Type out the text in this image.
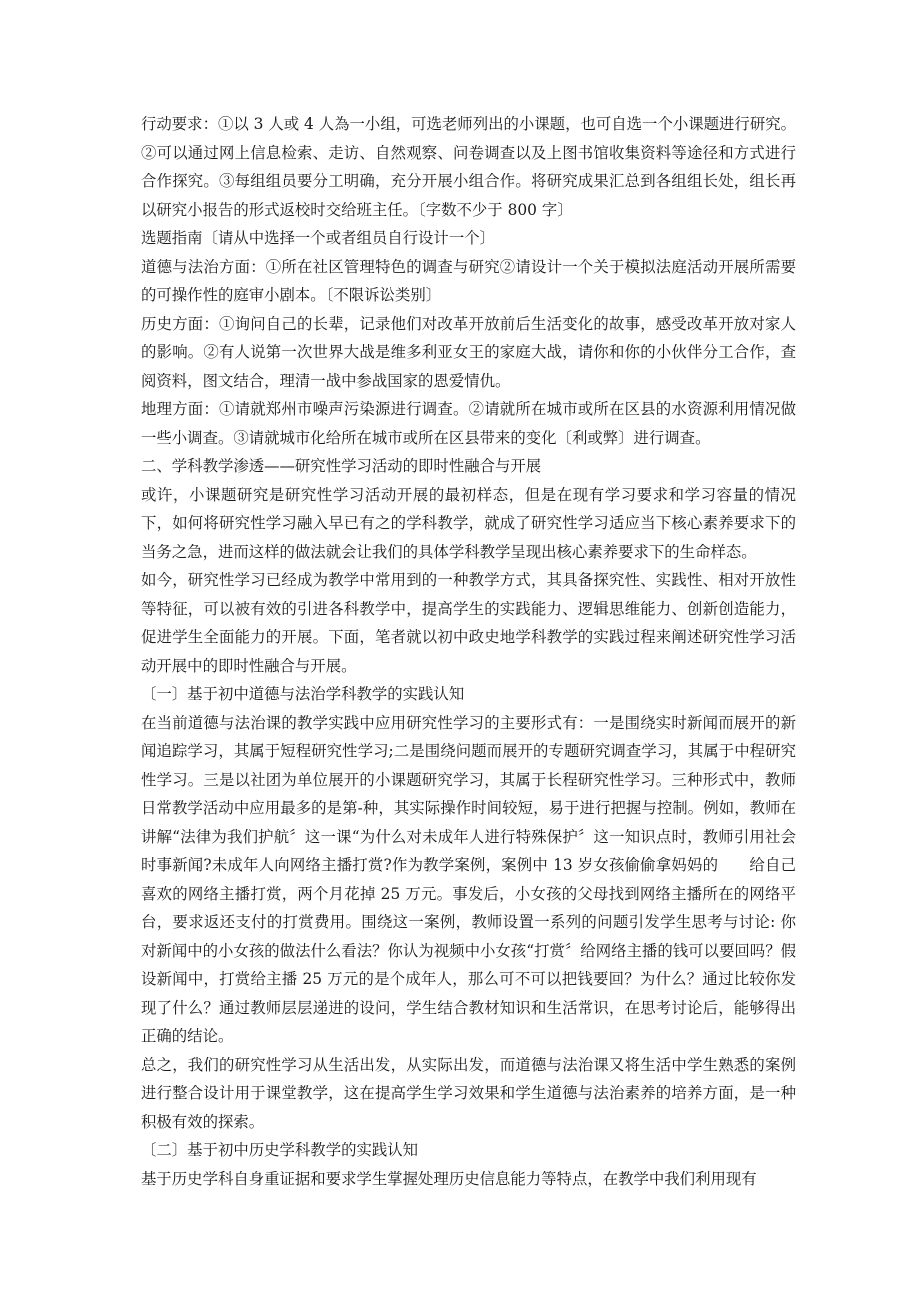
行动要求：①以 3 人或 4 人為一小组，可选老师列出的小课题，也可自选一个小课题进行研究。②可以通过网上信息检索、走访、自然观察、问卷调查以及上图书馆收集资料等途径和方式进行合作探究。③每组组员要分工明确，充分开展小组合作。将研究成果汇总到各组组长处，组长再以研究小报告的形式返校时交给班主任。〔字数不少于 800 字〕

选题指南〔请从中选择一个或者组员自行设计一个〕

道德与法治方面：①所在社区管理特色的调查与研究②请设计一个关于模拟法庭活动开展所需要的可操作性的庭审小剧本。〔不限诉讼类别〕

历史方面：①询问自己的长辈，记录他们对改革开放前后生活变化的故事，感受改革开放对家人的影响。②有人说第一次世界大战是维多利亚女王的家庭大战，请你和你的小伙伴分工合作，查阅资料，图文结合，理清一战中参战国家的恩爱情仇。

地理方面：①请就郑州市噪声污染源进行调查。②请就所在城市或所在区县的水资源利用情况做一些小调查。③请就城市化给所在城市或所在区县带来的变化〔利或弊〕进行调查。

二、学科教学渗透——研究性学习活动的即时性融合与开展

或许，小课题研究是研究性学习活动开展的最初样态，但是在现有学习要求和学习容量的情况下，如何将研究性学习融入早已有之的学科教学，就成了研究性学习适应当下核心素养要求下的当务之急，进而这样的做法就会让我们的具体学科教学呈现出核心素养要求下的生命样态。

如今，研究性学习已经成为教学中常用到的一种教学方式，其具备探究性、实践性、相对开放性等特征，可以被有效的引进各科教学中，提高学生的实践能力、逻辑思维能力、创新创造能力，促进学生全面能力的开展。下面，笔者就以初中政史地学科教学的实践过程来阐述研究性学习活动开展中的即时性融合与开展。

〔一〕基于初中道德与法治学科教学的实践认知

在当前道德与法治课的教学实践中应用研究性学习的主要形式有：一是围绕实时新闻而展开的新闻追踪学习，其属于短程研究性学习;二是围绕问题而展开的专题研究调查学习，其属于中程研究性学习。三是以社团为单位展开的小课题研究学习，其属于长程研究性学习。三种形式中，教师日常教学活动中应用最多的是第-种，其实际操作时间较短，易于进行把握与控制。例如，教师在讲解“法律为我们护航〞这一课“为什么对未成年人进行特殊保护〞这一知识点时，教师引用社会时事新闻?未成年人向网络主播打赏?作为教学案例，案例中 13 岁女孩偷偷拿妈妈的　　给自己喜欢的网络主播打赏，两个月花掉 25 万元。事发后，小女孩的父母找到网络主播所在的网络平台，要求返还支付的打赏费用。围绕这一案例，教师设置一系列的问题引发学生思考与讨论: 你对新闻中的小女孩的做法什么看法？你认为视频中小女孩“打赏〞给网络主播的钱可以要回吗？假设新闻中，打赏给主播 25 万元的是个成年人，那么可不可以把钱要回？为什么？通过比较你发现了什么？通过教师层层递进的设问，学生结合教材知识和生活常识，在思考讨论后，能够得出正确的结论。

总之，我们的研究性学习从生活出发，从实际出发，而道德与法治课又将生活中学生熟悉的案例进行整合设计用于课堂教学，这在提高学生学习效果和学生道德与法治素养的培养方面，是一种积极有效的探索。

〔二〕基于初中历史学科教学的实践认知

基于历史学科自身重证据和要求学生掌握处理历史信息能力等特点，在教学中我们利用现有
